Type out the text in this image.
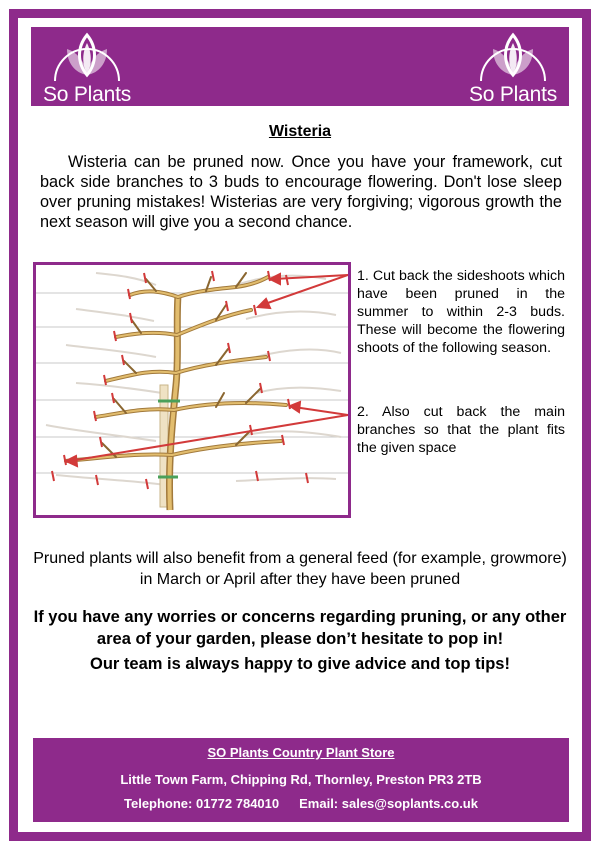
So Plants	So Plants
Wisteria

Wisteria can be pruned now. Once you have your framework, cut back side branches to 3 buds to encourage flowering. Don't lose sleep over pruning mistakes! Wisterias are very forgiving; vigorous growth the next season will give you a second chance.

1. Cut back the sideshoots which have been pruned in the summer to within 2-3 buds. These will become the flowering shoots of the following season.

2. Also cut back the main branches so that the plant fits the given space

Pruned plants will also benefit from a general feed (for example, growmore) in March or April after they have been pruned

If you have any worries or concerns regarding pruning, or any other area of your garden, please don’t hesitate to pop in!

Our team is always happy to give advice and top tips!

SO Plants Country Plant Store
Little Town Farm, Chipping Rd, Thornley, Preston PR3 2TB
Telephone: 01772 784010 Email: sales@soplants.co.uk
